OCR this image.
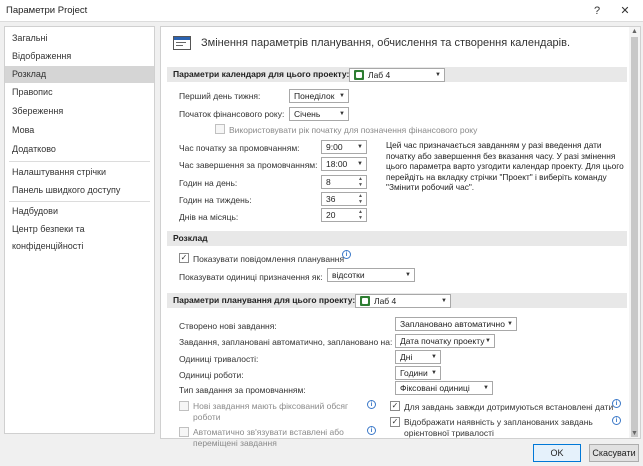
Параметри Project	?	✕
Загальні
Відображення
Розклад
Правопис
Збереження
Мова
Додатково
Налаштування стрічки
Панель швидкого доступу
Надбудови
Центр безпеки та конфіденційності
Змінення параметрів планування, обчислення та створення календарів.
Параметри календаря для цього проекту:	Лаб 4	▼
Перший день тижня:	Понеділок ▼
Початок фінансового року:	Січень	▼
Використовувати рік початку для позначення фінансового року
Час початку за промовчанням:	9:00 ▼
Час завершення за промовчанням: 18:00 ▼
Годин на день:	8	▲
▼
Годин на тиждень:	36	▲
▼
Днів на місяць:	20	▲
▼
Цей час призначається завданням у разі введення дати початку або завершення без вказання часу. У разі змінення цього параметра варто узгодити календар проекту. Для цього перейдіть на вкладку стрічки "Проект" і виберіть команду "Змінити робочий час".
Розклад
✓ Показувати повідомлення планування i
Показувати одиниці призначення як:	відсотки	▼
Параметри планування для цього проекту:	Лаб 4	▼
Створено нові завдання:	Заплановано автоматично ▼
Завдання, заплановані автоматично, заплановано на: Дата початку проекту ▼
Одиниці тривалості:	Дні	▼
Одиниці роботи:	Години ▼
Тип завдання за промовчанням:	Фіксовані одиниці ▼
Нові завдання мають фіксований обсяг роботи
i
Автоматично зв'язувати вставлені або переміщені завдання
i
✓ Для завдань завжди дотримуються встановлені дати i
✓ Відображати наявність у запланованих завдань орієнтовної тривалості
i
▲
▼
OK	Скасувати
